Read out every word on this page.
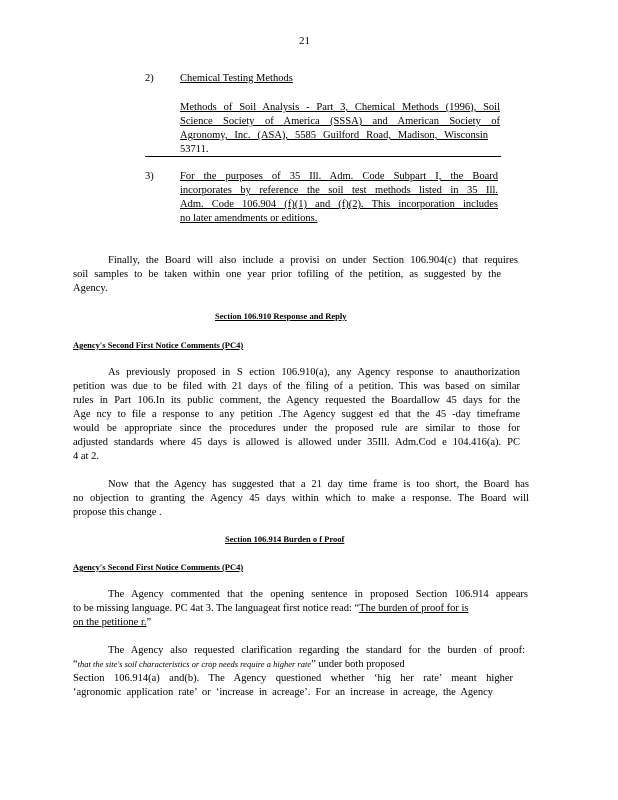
21
2)	Chemical Testing Methods
Methods of Soil Analysis - Part 3, Chemical Methods (1996), Soil
Science Society of America (SSSA) and American Society of
Agronomy, Inc. (ASA), 5585 Guilford Road, Madison, Wisconsin
53711.
3)	For the purposes of 35 Ill. Adm. Code Subpart I, the Board
incorporates by reference the soil test methods listed in 35 Ill.
Adm. Code 106.904 (f)(1) and (f)(2). This incorporation includes
no later amendments or editions.
Finally, the Board will also include a provisi on under Section 106.904(c) that requires
soil samples to be taken within one year prior tofiling of the petition, as suggested by the
Agency.
Section 106.910 Response and Reply
Agency's Second First Notice Comments (PC4)
As previously proposed in S ection 106.910(a), any Agency response to anauthorization
petition was due to be filed with 21 days of the filing of a petition. This was based on similar
rules in Part 106.In its public comment, the Agency requested the Boardallow 45 days for the
Age ncy to file a response to any petition .The Agency suggest ed that the 45 -day timeframe
would be appropriate since the procedures under the proposed rule are similar to those for
adjusted standards where 45 days is allowed is allowed under 35Ill. Adm.Cod e 104.416(a). PC
4 at 2.
Now that the Agency has suggested that a 21 day time frame is too short, the Board has
no objection to granting the Agency 45 days within which to make a response. The Board will
propose this change .
Section 106.914 Burden o f Proof
Agency's Second First Notice Comments (PC4)
The Agency commented that the opening sentence in proposed Section 106.914 appears
to be missing language. PC 4at 3. The languageat first notice read: “The burden of proof for is
on the petitione r.”
The Agency also requested clarification regarding the standard for the burden of proof:
“that the site's soil characteristics or crop needs require a higher rate” under both proposed
Section 106.914(a) and(b). The Agency questioned whether ‘hig her rate’ meant higher
‘agronomic application rate’ or ‘increase in acreage’. For an increase in acreage, the Agency
